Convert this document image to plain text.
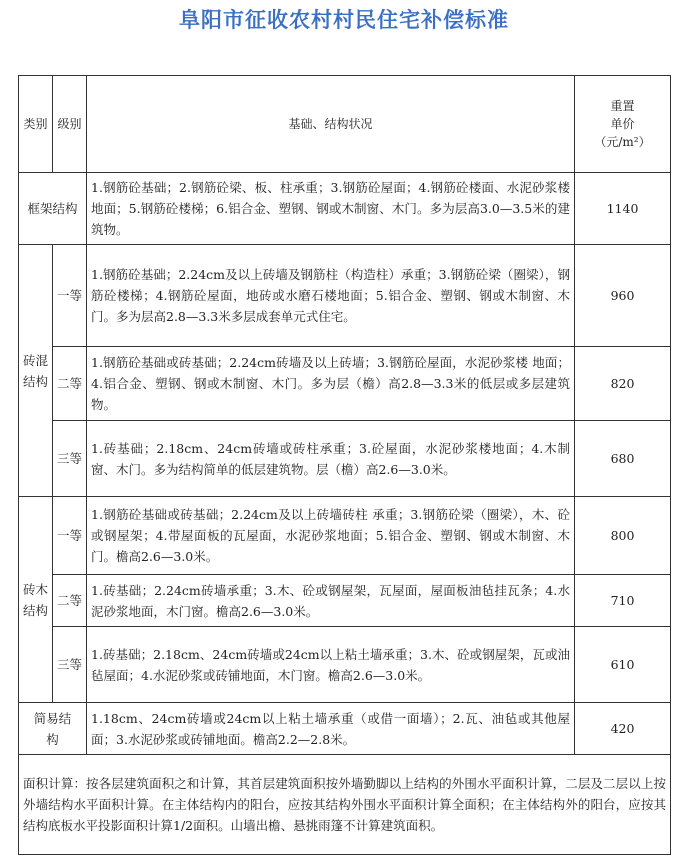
阜阳市征收农村村民住宅补偿标准
类别	级别	基础、结构状况	重置
单价
（元/m²）

框架结构		1.钢筋砼基础；2.钢筋砼梁、板、柱承重；3.钢筋砼屋面；4.钢筋砼楼面、水泥砂浆楼地面；5.钢筋砼楼梯；6.铝合金、塑钢、钢或木制窗、木门。多为层高3.0—3.5米的建筑物。	1140
砖混结构	一等	1.钢筋砼基础；2.24cm及以上砖墙及钢筋柱（构造柱）承重；3.钢筋砼梁（圈梁），钢筋砼楼梯；4.钢筋砼屋面，地砖或水磨石楼地面；5.铝合金、塑钢、钢或木制窗、木门。多为层高2.8—3.3米多层成套单元式住宅。	960
	二等	1.钢筋砼基础或砖基础；2.24cm砖墙及以上砖墙；3.钢筋砼屋面，水泥砂浆楼 地面；4.铝合金、塑钢、钢或木制窗、木门。多为层（檐）高2.8—3.3米的低层或多层建筑物。	820
	三等	1.砖基础；2.18cm、24cm砖墙或砖柱承重；3.砼屋面，水泥砂浆楼地面；4.木制窗、木门。多为结构简单的低层建筑物。层（檐）高2.6—3.0米。	680
砖木结构	一等	1.钢筋砼基础或砖基础；2.24cm及以上砖墙砖柱 承重；3.钢筋砼梁（圈梁），木、砼或钢屋架；4.带屋面板的瓦屋面，水泥砂浆地面；5.铝合金、塑钢、钢或木制窗、木门。檐高2.6—3.0米。	800
	二等	1.砖基础；2.24cm砖墙承重；3.木、砼或钢屋架，瓦屋面，屋面板油毡挂瓦条；4.水泥砂浆地面，木门窗。檐高2.6—3.0米。	710
	三等	1.砖基础；2.18cm、24cm砖墙或24cm以上粘土墙承重；3.木、砼或钢屋架，瓦或油毡屋面；4.水泥砂浆或砖铺地面，木门窗。檐高2.6—3.0米。	610
简易结构		1.18cm、24cm砖墙或24cm以上粘土墙承重（或借一面墙）；2.瓦、油毡或其他屋面；3.水泥砂浆或砖铺地面。檐高2.2—2.8米。	420
面积计算：按各层建筑面积之和计算，其首层建筑面积按外墙勤脚以上结构的外围水平面积计算，二层及二层以上按外墙结构水平面积计算。在主体结构内的阳台，应按其结构外围水平面积计算全面积；在主体结构外的阳台，应按其结构底板水平投影面积计算1/2面积。山墙出檐、悬挑雨篷不计算建筑面积。			
